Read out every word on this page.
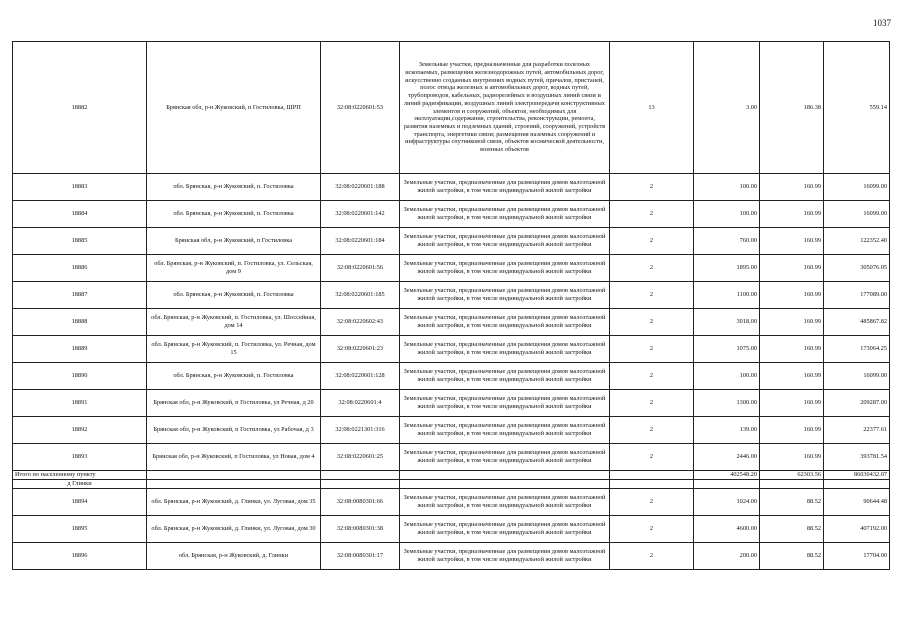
1037
18882	Брянская обл, р-н Жуковский, п Гостиловка, ШРП	32:08:0220601:53	Земельные участки, предназначенные для разработки полезных ископаемых, размещения железнодорожных путей, автомобильных дорог, искусственно созданных внутренних водных путей, причалов, пристаней, полос отвода железных и автомобильных дорог, водных путей, трубопроводов, кабельных, радиорелейных и воздушных линий связи и линий радиофикации, воздушных линий электропередачи конструктивных элементов и сооружений, объектов, необходимых для эксплуатации,содержания, строительства, реконструкции, ремонта, развития наземных и подземных зданий, строений, сооружений, устройств транспорта, энергетики связи; размещения наземных сооружений и инфраструктуры спутниковой связи, объектов космической деятельности, военных объектов	13	3.00	186.38	559.14
18883	обл. Брянская, р-н Жуковский, п. Гостиловка	32:08:0220601:188	Земельные участки, предназначенные для размещения домов малоэтажной жилой застройки, в том числе индивидуальной жилой застройки	2	100.00	160.99	16099.00
18884	обл. Брянская, р-н Жуковский, п. Гостиловка	32:08:0220601:142	Земельные участки, предназначенные для размещения домов малоэтажной жилой застройки, в том числе индивидуальной жилой застройки	2	100.00	160.99	16099.00
18885	Брянская обл, р-н Жуковский, п Гостиловка	32:08:0220601:184	Земельные участки, предназначенные для размещения домов малоэтажной жилой застройки, в том числе индивидуальной жилой застройки	2	760.00	160.99	122352.40
18886	обл. Брянская, р-н Жуковский, п. Гостиловка, ул. Сельская, дом 9	32:08:0220601:56	Земельные участки, предназначенные для размещения домов малоэтажной жилой застройки, в том числе индивидуальной жилой застройки	2	1895.00	160.99	305076.05
18887	обл. Брянская, р-н Жуковский, п. Гостиловка	32:08:0220601:185	Земельные участки, предназначенные для размещения домов малоэтажной жилой застройки, в том числе индивидуальной жилой застройки	2	1100.00	160.99	177089.00
18888	обл. Брянская, р-н Жуковский, п. Гостиловка, ул. Шоссейная, дом 14	32:08:0220602:43	Земельные участки, предназначенные для размещения домов малоэтажной жилой застройки, в том числе индивидуальной жилой застройки	2	3018.00	160.99	485867.82
18889	обл. Брянская, р-н Жуковский, п. Гостиловка, ул. Речная, дом 15	32:08:0220601:23	Земельные участки, предназначенные для размещения домов малоэтажной жилой застройки, в том числе индивидуальной жилой застройки	2	1075.00	160.99	173064.25
18890	обл. Брянская, р-н Жуковский, п. Гостиловка	32:08:0220601:128	Земельные участки, предназначенные для размещения домов малоэтажной жилой застройки, в том числе индивидуальной жилой застройки	2	100.00	160.99	16099.00
18891	Брянская обл, р-н Жуковский, п Гостиловка, ул Речная, д 20	32:08:0220601:4	Земельные участки, предназначенные для размещения домов малоэтажной жилой застройки, в том числе индивидуальной жилой застройки	2	1300.00	160.99	209287.00
18892	Брянская обл, р-н Жуковский, п Гостиловка, ул Рабочая, д 3	32:08:0221301:316	Земельные участки, предназначенные для размещения домов малоэтажной жилой застройки, в том числе индивидуальной жилой застройки	2	139.00	160.99	22377.61
18893	Брянская обл, р-н Жуковский, п Гостиловка, ул Новая, дом 4	32:08:0220601:25	Земельные участки, предназначенные для размещения домов малоэтажной жилой застройки, в том числе индивидуальной жилой застройки	2	2446.00	160.99	393781.54
Итого по населенному пункту					402548.20	62303.56	86030432.07
д Глинки							
18894	обл. Брянская, р-н Жуковский, д. Глинки, ул. Луговая, дом 35	32:08:0080301:66	Земельные участки, предназначенные для размещения домов малоэтажной жилой застройки, в том числе индивидуальной жилой застройки	2	1024.00	88.52	90644.48
18895	обл. Брянская, р-н Жуковский, д. Глинки, ул. Луговая, дом 30	32:08:0080301:38	Земельные участки, предназначенные для размещения домов малоэтажной жилой застройки, в том числе индивидуальной жилой застройки	2	4600.00	88.52	407192.00
18896	обл. Брянская, р-н Жуковский, д. Глинки	32:08:0080301:17	Земельные участки, предназначенные для размещения домов малоэтажной жилой застройки, в том числе индивидуальной жилой застройки	2	200.00	88.52	17704.00
